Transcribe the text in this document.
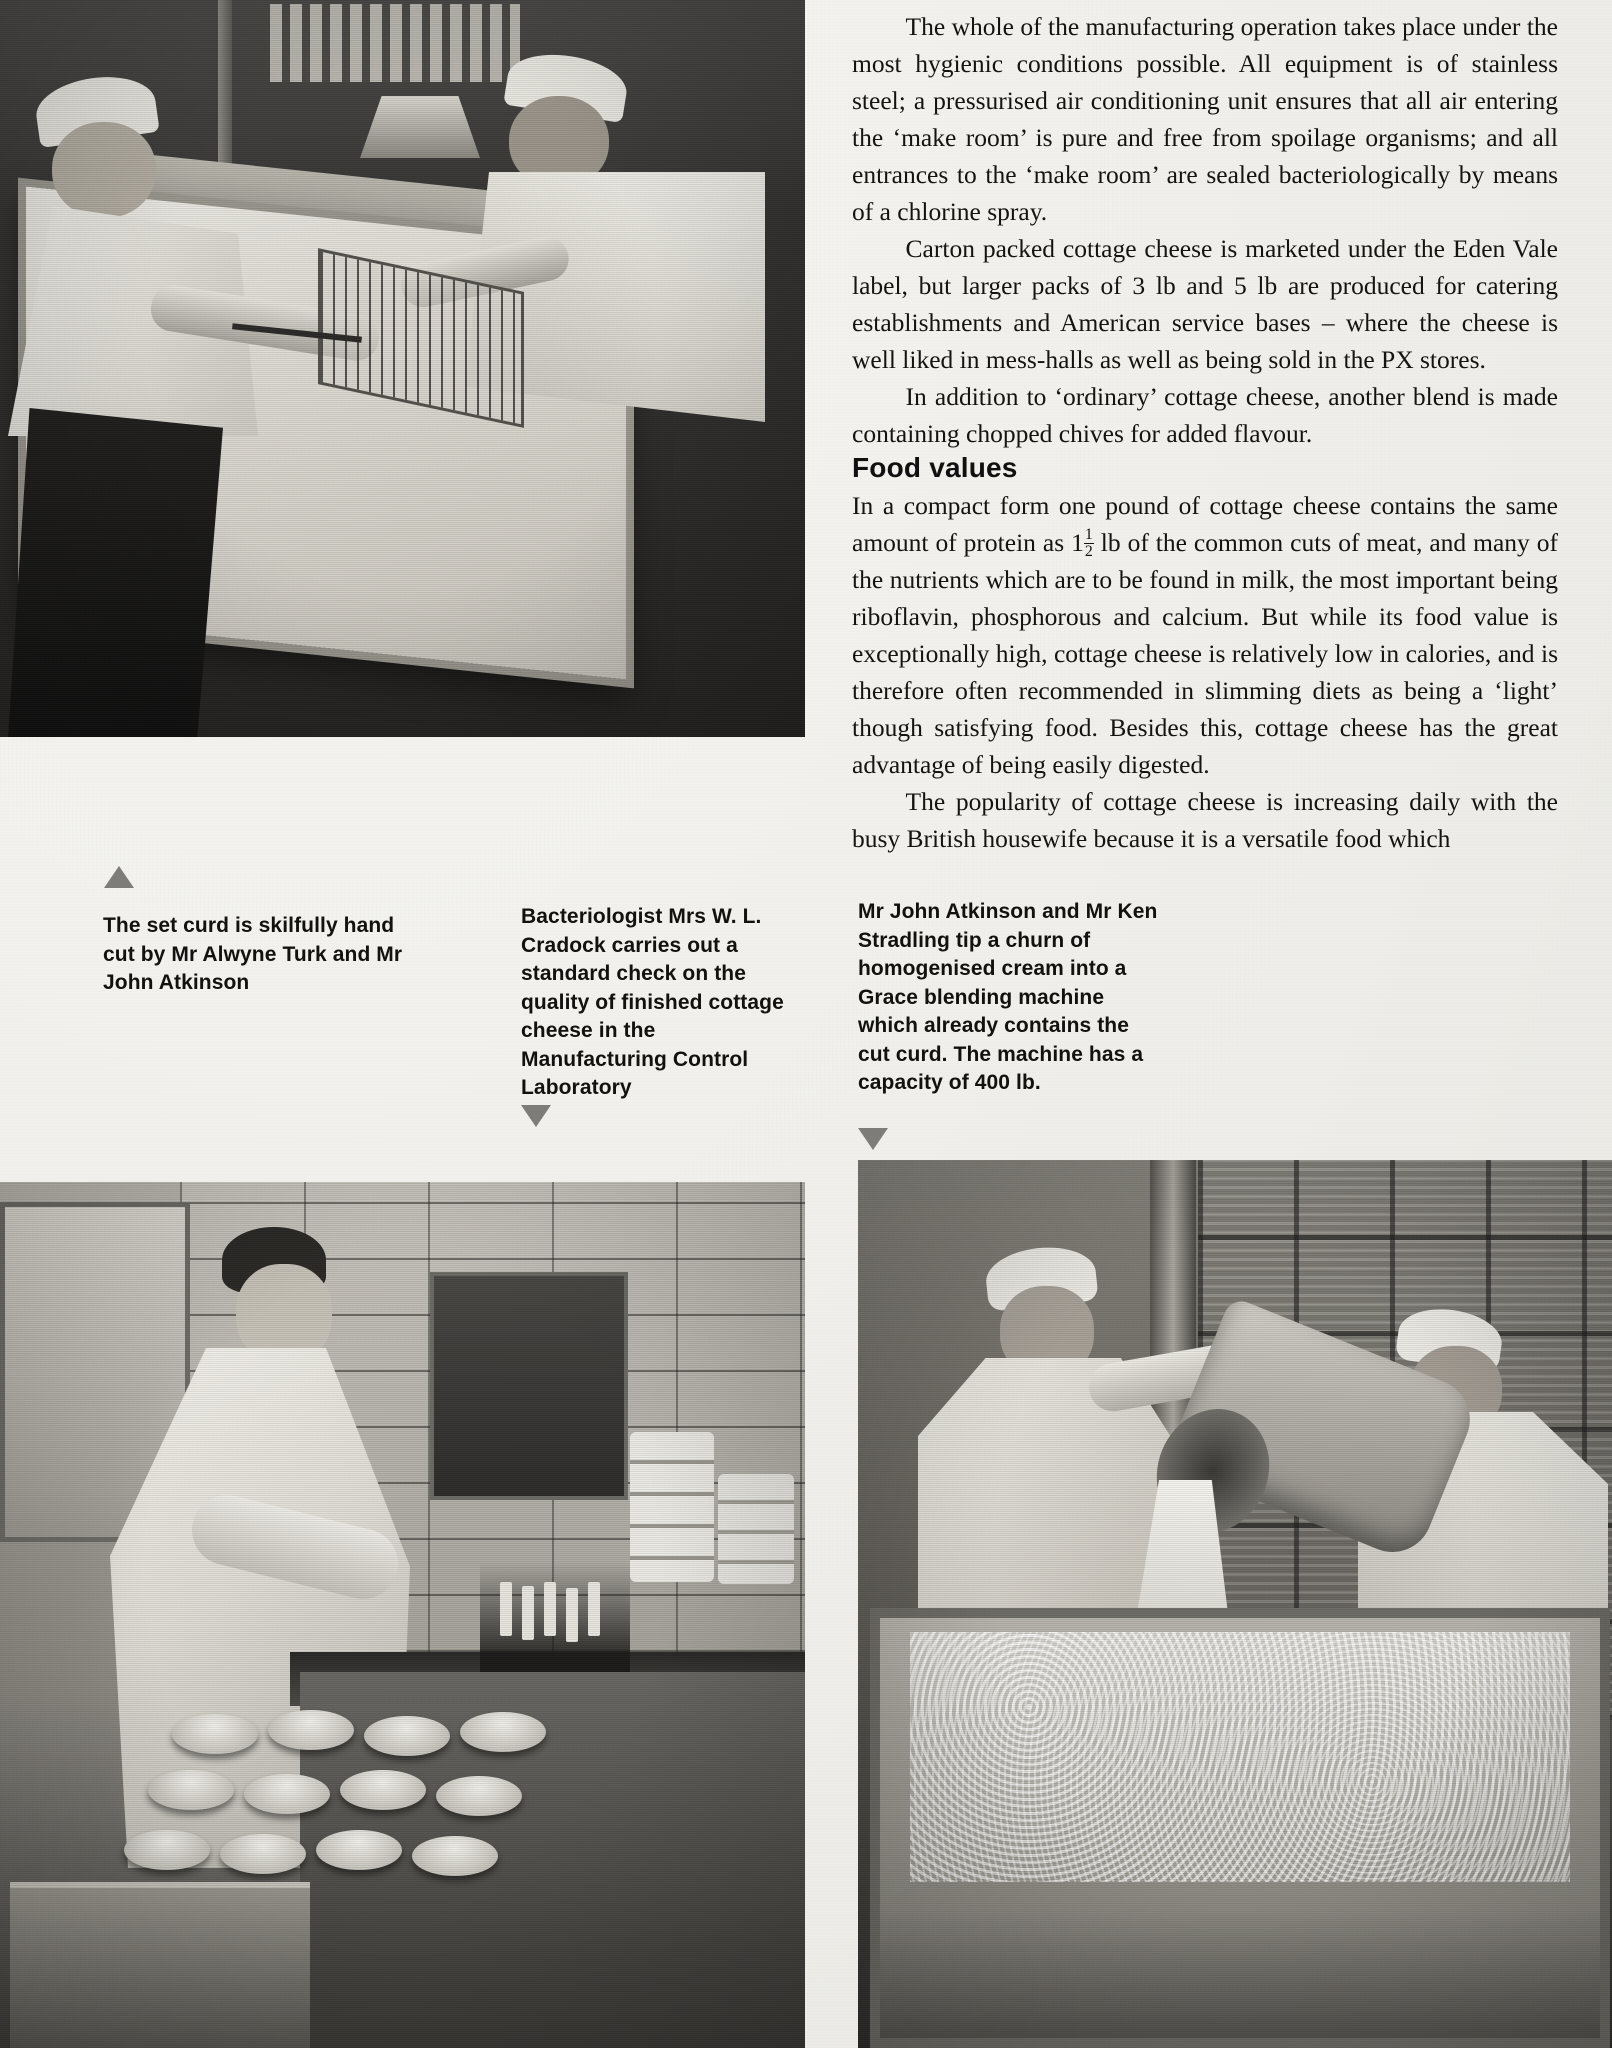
The whole of the manufacturing operation takes place under the most hygienic conditions possible. All equipment is of stainless steel; a pressurised air conditioning unit ensures that all air entering the ‘make room’ is pure and free from spoilage organisms; and all entrances to the ‘make room’ are sealed bacteriologically by means of a chlorine spray.

Carton packed cottage cheese is marketed under the Eden Vale label, but larger packs of 3 lb and 5 lb are produced for catering establishments and American service bases – where the cheese is well liked in mess-halls as well as being sold in the PX stores.

In addition to ‘ordinary’ cottage cheese, another blend is made containing chopped chives for added flavour.

Food values

In a compact form one pound of cottage cheese contains the same amount of protein as $1 \frac{1}{2}$ lb of the common cuts of meat, and many of the nutrients which are to be found in milk, the most important being riboflavin, phosphorous and calcium. But while its food value is exceptionally high, cottage cheese is relatively low in calories, and is therefore often recommended in slimming diets as being a ‘light’ though satisfying food. Besides this, cottage cheese has the great advantage of being easily digested.

The popularity of cottage cheese is increasing daily with the busy British housewife because it is a versatile food which

The set curd is skilfully hand cut by Mr Alwyne Turk and Mr John Atkinson
Bacteriologist Mrs W. L. Cradock carries out a standard check on the quality of finished cottage cheese in the Manufacturing Control Laboratory
Mr John Atkinson and Mr Ken Stradling tip a churn of homogenised cream into a Grace blending machine which already contains the cut curd. The machine has a capacity of 400 lb.
